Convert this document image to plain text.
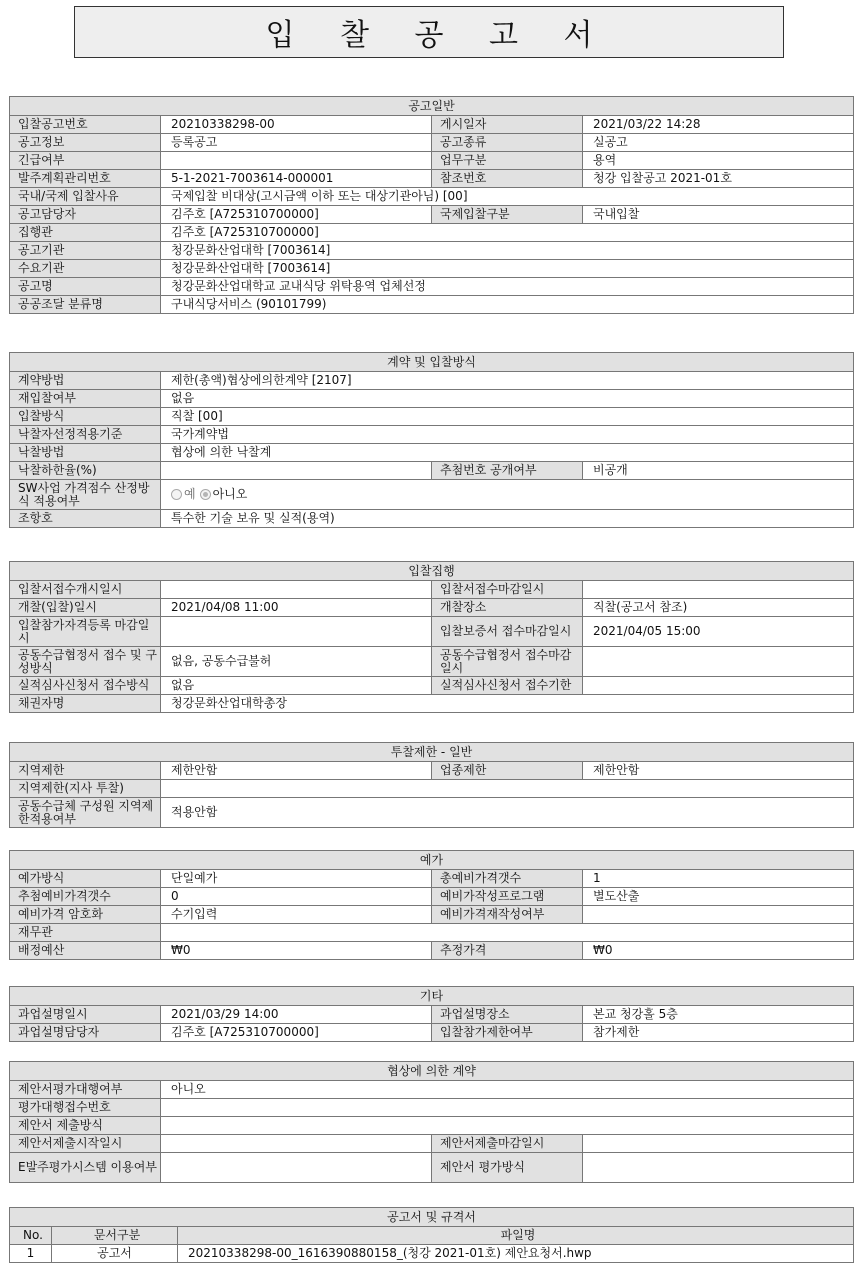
입 찰 공 고 서
공고일반			
입찰공고번호	20210338298-00	게시일자	2021/03/22 14:28
공고정보	등록공고	공고종류	실공고
긴급여부		업무구분	용역
발주계획관리번호	5-1-2021-7003614-000001	참조번호	청강 입찰공고 2021-01호
국내/국제 입찰사유	국제입찰 비대상(고시금액 이하 또는 대상기관아님) [00]		
공고담당자	김주호 [A725310700000]	국제입찰구분	국내입찰
집행관	김주호 [A725310700000]		
공고기관	청강문화산업대학 [7003614]		
수요기관	청강문화산업대학 [7003614]		
공고명	청강문화산업대학교 교내식당 위탁용역 업체선정		
공공조달 분류명	구내식당서비스 (90101799)		
계약 및 입찰방식			
계약방법	제한(총액)협상에의한계약 [2107]		
재입찰여부	없음		
입찰방식	직찰 [00]		
낙찰자선정적용기준	국가계약법		
낙찰방법	협상에 의한 낙찰계		
낙찰하한율(%)		추첨번호 공개여부	비공개
SW사업 가격점수 산정방식 적용여부	예 아니오		
조항호	특수한 기술 보유 및 실적(용역)		
입찰집행			
입찰서접수개시일시		입찰서접수마감일시	
개찰(입찰)일시	2021/04/08 11:00	개찰장소	직찰(공고서 참조)
입찰참가자격등록 마감일시		입찰보증서 접수마감일시	2021/04/05 15:00
공동수급협정서 접수 및 구성방식	없음, 공동수급불허	공동수급협정서 접수마감일시	
실적심사신청서 접수방식	없음	실적심사신청서 접수기한	
채권자명	청강문화산업대학총장		
투찰제한 - 일반			
지역제한	제한안함	업종제한	제한안함
지역제한(지사 투찰)			
공동수급체 구성원 지역제한적용여부	적용안함		
예가			
예가방식	단일예가	총예비가격갯수	1
추첨예비가격갯수	0	예비가작성프로그램	별도산출
예비가격 암호화	수기입력	예비가격재작성여부	
재무관			
배정예산	₩0	추정가격	₩0
기타			
과업설명일시	2021/03/29 14:00	과업설명장소	본교 청강홀 5층
과업설명담당자	김주호 [A725310700000]	입찰참가제한여부	참가제한
협상에 의한 계약			
제안서평가대행여부	아니오		
평가대행접수번호			
제안서 제출방식			
제안서제출시작일시		제안서제출마감일시	
E발주평가시스템 이용여부		제안서 평가방식	
공고서 및 규격서		
No.	문서구분	파일명
1	공고서	20210338298-00_1616390880158_(청강 2021-01호) 제안요청서.hwp
